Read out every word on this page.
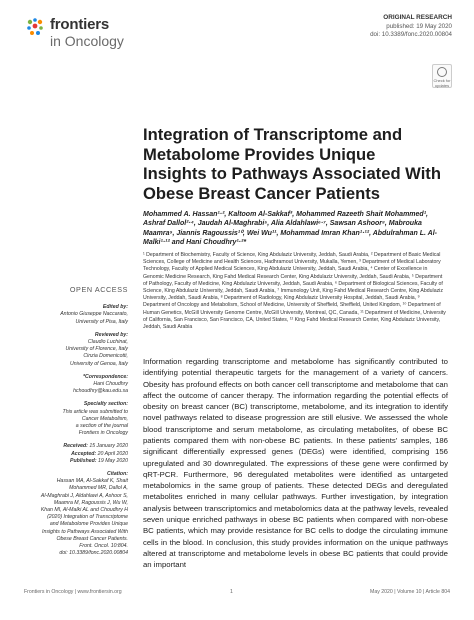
frontiers
in Oncology
ORIGINAL RESEARCH
published: 19 May 2020
doi: 10.3389/fonc.2020.00804
Check for updates
Integration of Transcriptome and Metabolome Provides Unique Insights to Pathways Associated With Obese Breast Cancer Patients
Mohammed A. Hassan¹·², Kaltoom Al-Sakkaf³, Mohammed Razeeth Shait Mohammed¹, Ashraf Dallol²·⁴, Jaudah Al-Maghrabi⁵, Alia Aldahlawi⁶·⁷, Sawsan Ashoor⁸, Mabrouka Maamra⁹, Jiannis Ragoussis¹⁰, Wei Wu¹¹, Mohammad Imran Khan¹·¹², Abdulrahman L. Al-Malki¹·¹² and Hani Choudhry¹·²*
¹ Department of Biochemistry, Faculty of Science, King Abdulaziz University, Jeddah, Saudi Arabia, ² Department of Basic Medical Sciences, College of Medicine and Health Sciences, Hadhramout University, Mukalla, Yemen, ³ Department of Medical Laboratory Technology, Faculty of Applied Medical Sciences, King Abdulaziz University, Jeddah, Saudi Arabia, ⁴ Center of Excellence in Genomic Medicine Research, King Fahd Medical Research Center, King Abdulaziz University, Jeddah, Saudi Arabia, ⁵ Department of Pathology, Faculty of Medicine, King Abdulaziz University, Jeddah, Saudi Arabia, ⁶ Department of Biological Sciences, Faculty of Science, King Abdulaziz University, Jeddah, Saudi Arabia, ⁷ Immunology Unit, King Fahd Medical Research Centre, King Abdulaziz University, Jeddah, Saudi Arabia, ⁸ Department of Radiology, King Abdulaziz University Hospital, Jeddah, Saudi Arabia, ⁹ Department of Oncology and Metabolism, School of Medicine, University of Sheffield, Sheffield, United Kingdom, ¹⁰ Department of Human Genetics, McGill University Genome Centre, McGill University, Montreal, QC, Canada, ¹¹ Department of Medicine, University of California, San Francisco, San Francisco, CA, United States, ¹² King Fahd Medical Research Center, King Abdulaziz University, Jeddah, Saudi Arabia
OPEN ACCESS
Edited by:
Antonio Giuseppe Naccarato,
University of Pisa, Italy
Reviewed by:
Claudio Luchinat,
University of Florence, Italy
Cinzia Domenicotti,
University of Genoa, Italy
*Correspondence:
Hani Choudhry
hchoudhry@kau.edu.sa
Specialty section:
This article was submitted to
Cancer Metabolism,
a section of the journal
Frontiers in Oncology
Received: 15 January 2020
Accepted: 20 April 2020
Published: 19 May 2020
Citation:
Hassan MA, Al-Sakkaf K, Shait
Mohammed MR, Dallol A,
Al-Maghrabi J, Aldahlawi A, Ashoor S,
Maamra M, Ragoussis J, Wu W,
Khan MI, Al-Malki AL and Choudhry H
(2020) Integration of Transcriptome
and Metabolome Provides Unique
Insights to Pathways Associated With
Obese Breast Cancer Patients.
Front. Oncol. 10:804.
doi: 10.3389/fonc.2020.00804
Information regarding transcriptome and metabolome has significantly contributed to identifying potential therapeutic targets for the management of a variety of cancers. Obesity has profound effects on both cancer cell transcriptome and metabolome that can affect the outcome of cancer therapy. The information regarding the potential effects of obesity on breast cancer (BC) transcriptome, metabolome, and its integration to identify novel pathways related to disease progression are still elusive. We assessed the whole blood transcriptome and serum metabolome, as circulating metabolites, of obese BC patients compared them with non-obese BC patients. In these patients' samples, 186 significant differentially expressed genes (DEGs) were identified, comprising 156 upregulated and 30 downregulated. The expressions of these gene were confirmed by qRT-PCR. Furthermore, 96 deregulated metabolites were identified as untargeted metabolomics in the same group of patients. These detected DEGs and deregulated metabolites enriched in many cellular pathways. Further investigation, by integration analysis between transcriptomics and metabolomics data at the pathway levels, revealed seven unique enriched pathways in obese BC patients when compared with non-obese BC patients, which may provide resistance for BC cells to dodge the circulating immune cells in the blood. In conclusion, this study provides information on the unique pathways altered at transcriptome and metabolome levels in obese BC patients that could provide an important
Frontiers in Oncology | www.frontiersin.org	1	May 2020 | Volume 10 | Article 804
